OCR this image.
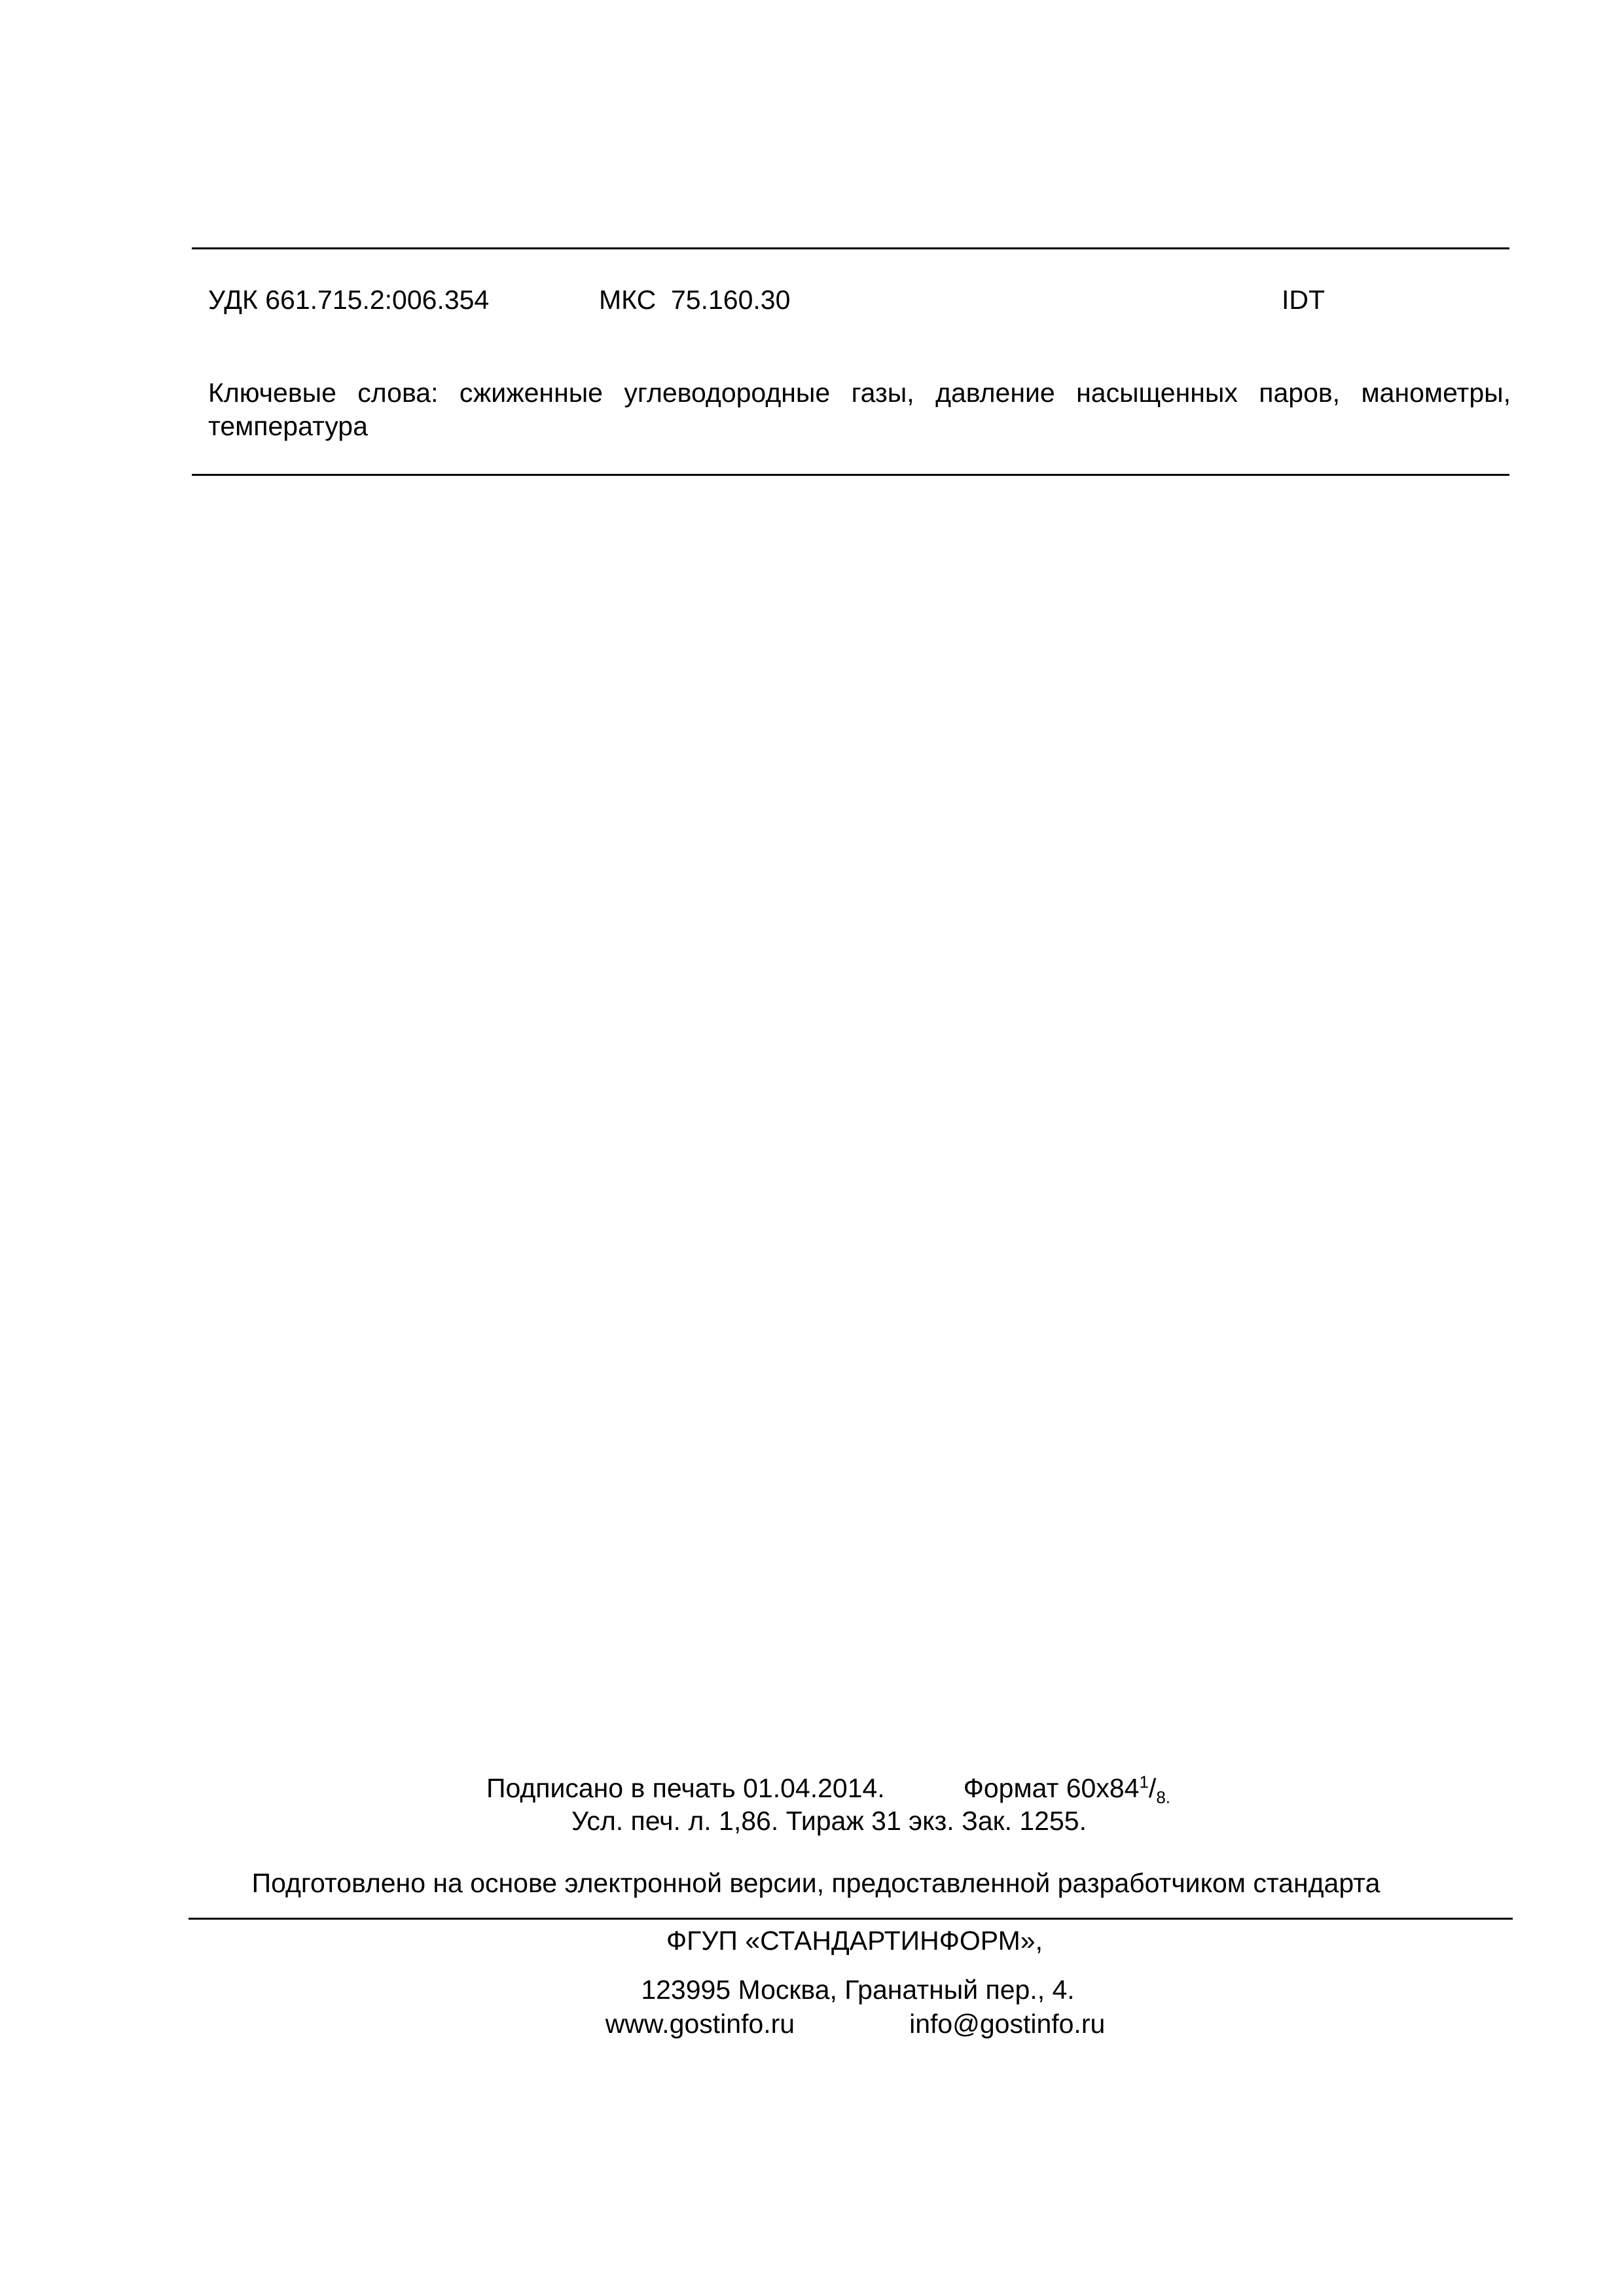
УДК 661.715.2:006.354	МКС  75.160.30	IDT
Ключевые слова: сжиженные углеводородные газы, давление насыщенных паров, манометры, температура
Подписано в печать 01.04.2014.	Формат $60х84^1/_{8.}$
Усл. печ. л. 1,86. Тираж 31 экз. Зак. 1255.
Подготовлено на основе электронной версии, предоставленной разработчиком стандарта
ФГУП «СТАНДАРТИНФОРМ»,
123995 Москва, Гранатный пер., 4.
www.gostinfo.ru	info@gostinfo.ru
